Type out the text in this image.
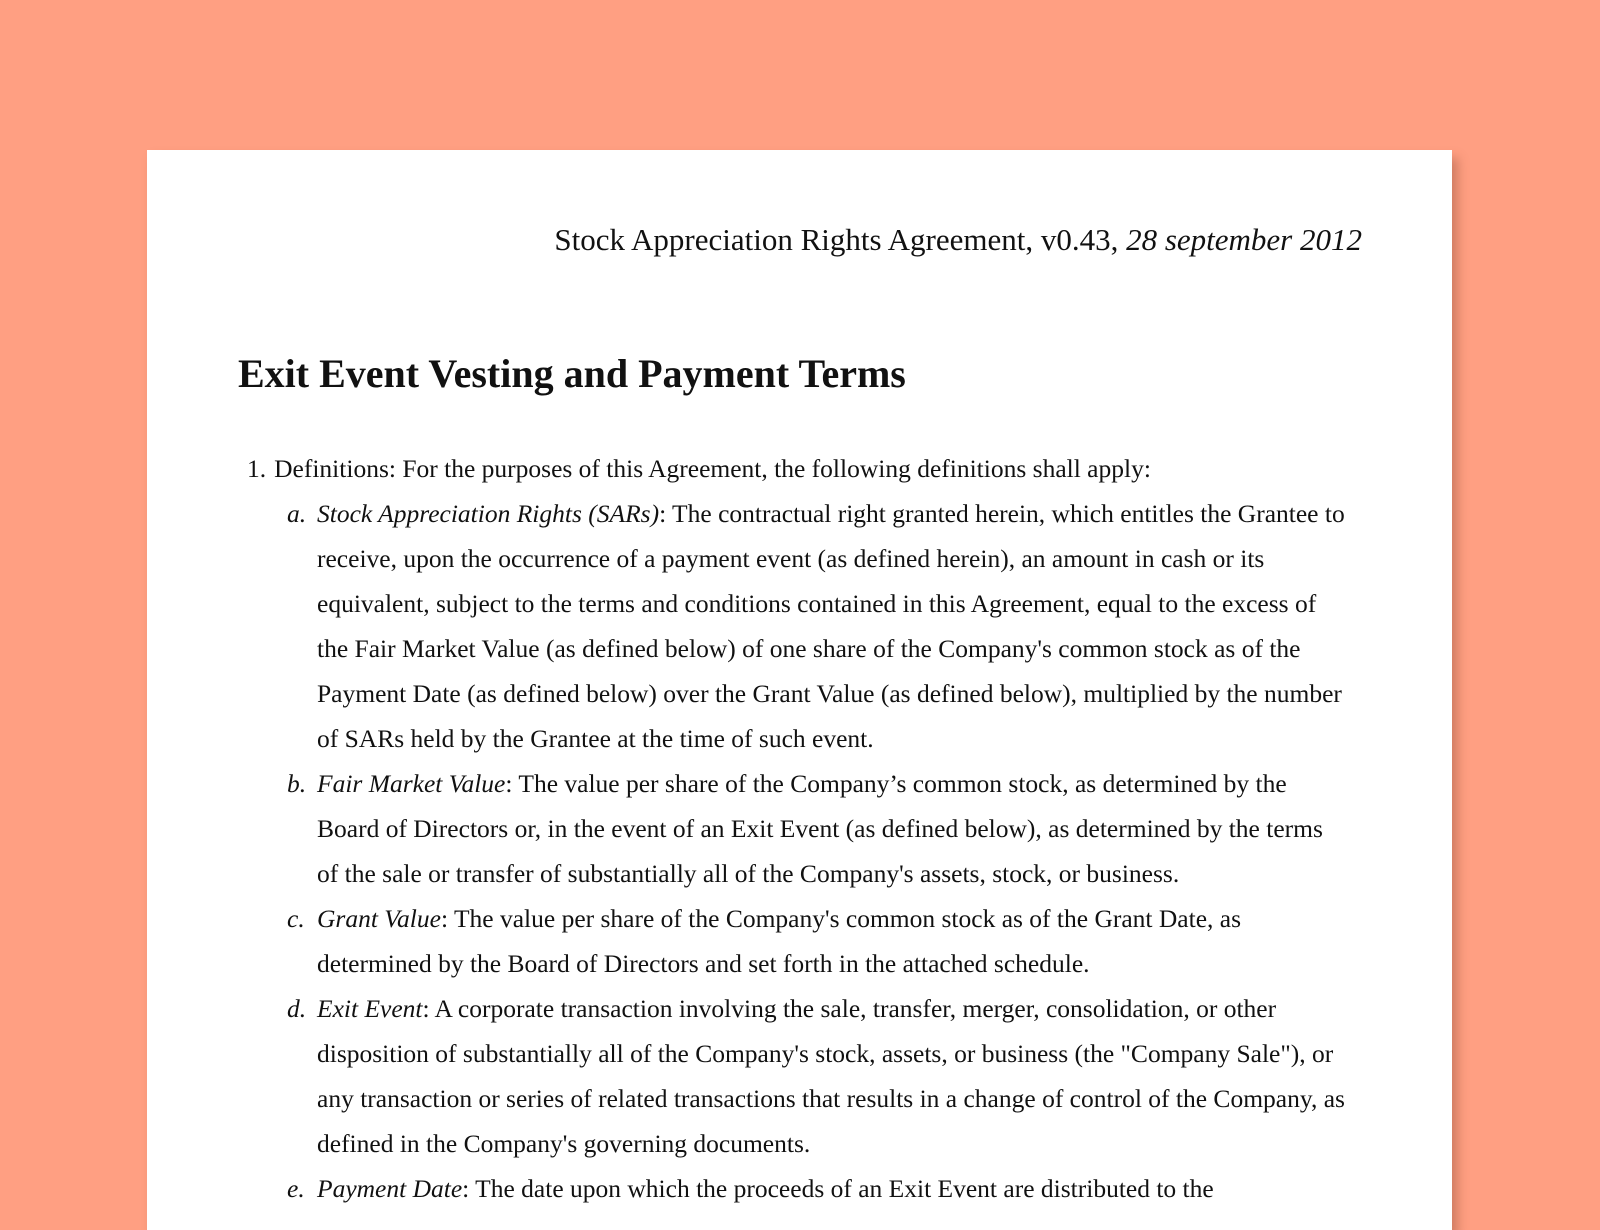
Stock Appreciation Rights Agreement, v0.43, 28 september 2012
Exit Event Vesting and Payment Terms
1. Definitions: For the purposes of this Agreement, the following definitions shall apply:
a. Stock Appreciation Rights (SARs): The contractual right granted herein, which entitles the Grantee to receive, upon the occurrence of a payment event (as defined herein), an amount in cash or its equivalent, subject to the terms and conditions contained in this Agreement, equal to the excess of the Fair Market Value (as defined below) of one share of the Company's common stock as of the Payment Date (as defined below) over the Grant Value (as defined below), multiplied by the number of SARs held by the Grantee at the time of such event.
b. Fair Market Value: The value per share of the Company’s common stock, as determined by the Board of Directors or, in the event of an Exit Event (as defined below), as determined by the terms of the sale or transfer of substantially all of the Company's assets, stock, or business.
c. Grant Value: The value per share of the Company's common stock as of the Grant Date, as determined by the Board of Directors and set forth in the attached schedule.
d. Exit Event: A corporate transaction involving the sale, transfer, merger, consolidation, or other disposition of substantially all of the Company's stock, assets, or business (the "Company Sale"), or any transaction or series of related transactions that results in a change of control of the Company, as defined in the Company's governing documents.
e. Payment Date: The date upon which the proceeds of an Exit Event are distributed to the
